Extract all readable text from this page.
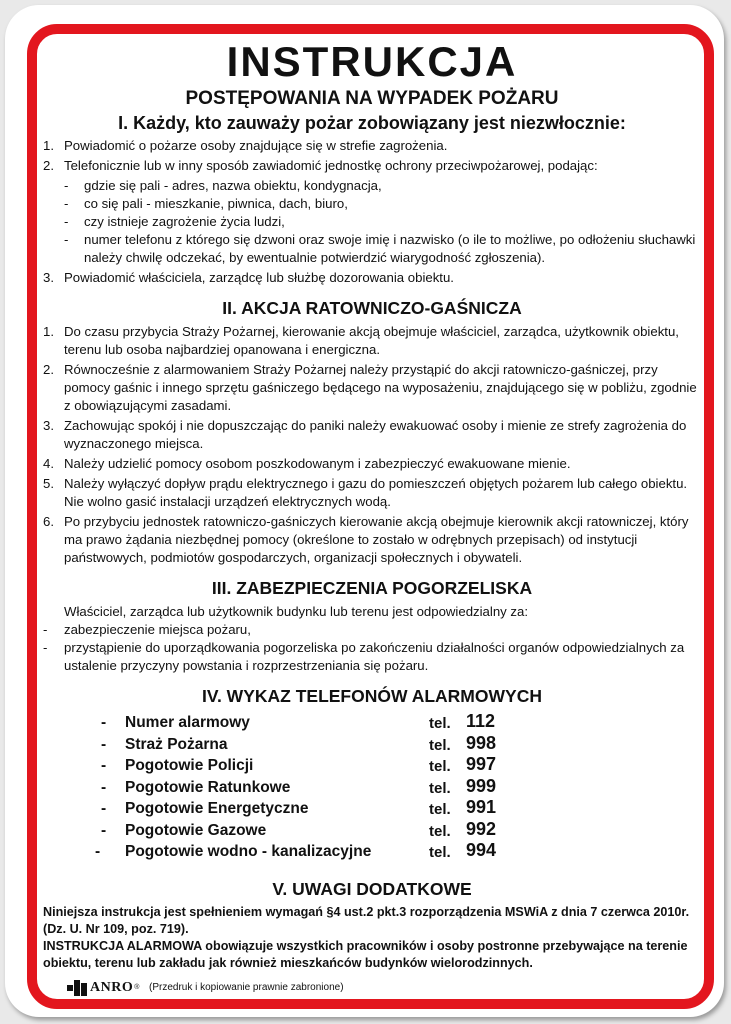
INSTRUKCJA

POSTĘPOWANIA NA WYPADEK POŻARU

I. Każdy, kto zauważy pożar zobowiązany jest niezwłocznie:
1. Powiadomić o pożarze osoby znajdujące się w strefie zagrożenia.
2. Telefonicznie lub w inny sposób zawiadomić jednostkę ochrony przeciwpożarowej, podając:
- gdzie się pali - adres, nazwa obiektu, kondygnacja,
- co się pali - mieszkanie, piwnica, dach, biuro,
- czy istnieje zagrożenie życia ludzi,
- numer telefonu z którego się dzwoni oraz swoje imię i nazwisko (o ile to możliwe, po odłożeniu słuchawki należy chwilę odczekać, by ewentualnie potwierdzić wiarygodność zgłoszenia).
3. Powiadomić właściciela, zarządcę lub służbę dozorowania obiektu.
II. AKCJA RATOWNICZO-GAŚNICZA
1. Do czasu przybycia Straży Pożarnej, kierowanie akcją obejmuje właściciel, zarządca, użytkownik obiektu, terenu lub osoba najbardziej opanowana i energiczna.
2. Równocześnie z alarmowaniem Straży Pożarnej należy przystąpić do akcji ratowniczo-gaśniczej, przy pomocy gaśnic i innego sprzętu gaśniczego będącego na wyposażeniu, znajdującego się w pobliżu, zgodnie z obowiązującymi zasadami.
3. Zachowując spokój i nie dopuszczając do paniki należy ewakuować osoby i mienie ze strefy zagrożenia do wyznaczonego miejsca.
4. Należy udzielić pomocy osobom poszkodowanym i zabezpieczyć ewakuowane mienie.
5. Należy wyłączyć dopływ prądu elektrycznego i gazu do pomieszczeń objętych pożarem lub całego obiektu. Nie wolno gasić instalacji urządzeń elektrycznych wodą.
6. Po przybyciu jednostek ratowniczo-gaśniczych kierowanie akcją obejmuje kierownik akcji ratowniczej, który ma prawo żądania niezbędnej pomocy (określone to zostało w odrębnych przepisach) od instytucji państwowych, podmiotów gospodarczych, organizacji społecznych i obywateli.
III. ZABEZPIECZENIA POGORZELISKA
Właściciel, zarządca lub użytkownik budynku lub terenu jest odpowiedzialny za:
- zabezpieczenie miejsca pożaru,
- przystąpienie do uporządkowania pogorzeliska po zakończeniu działalności organów odpowiedzialnych za ustalenie przyczyny powstania i rozprzestrzeniania się pożaru.
IV. WYKAZ TELEFONÓW ALARMOWYCH
- Numer alarmowy	tel. 112
- Straż Pożarna	tel. 998
- Pogotowie Policji	tel. 997
- Pogotowie Ratunkowe	tel. 999
- Pogotowie Energetyczne	tel. 991
- Pogotowie Gazowe	tel. 992
- Pogotowie wodno - kanalizacyjne	tel. 994
V. UWAGI DODATKOWE

Niniejsza instrukcja jest spełnieniem wymagań §4 ust.2 pkt.3 rozporządzenia MSWiA z dnia 7 czerwca 2010r. (Dz. U. Nr 109, poz. 719).

INSTRUKCJA ALARMOWA obowiązuje wszystkich pracowników i osoby postronne przebywające na terenie obiektu, terenu lub zakładu jak również mieszkańców budynków wielorodzinnych.

ANRO ® (Przedruk i kopiowanie prawnie zabronione)
